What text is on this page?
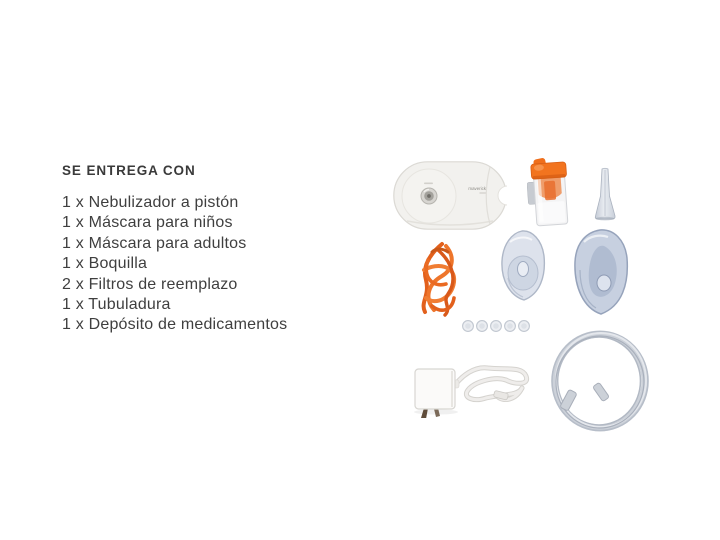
SE ENTREGA CON
1 x Nebulizador a pistón
1 x Máscara para niños
1 x Máscara para adultos
1 x Boquilla
2 x Filtros de reemplazo
1 x Tubuladura
1 x Depósito de medicamentos
maverick
